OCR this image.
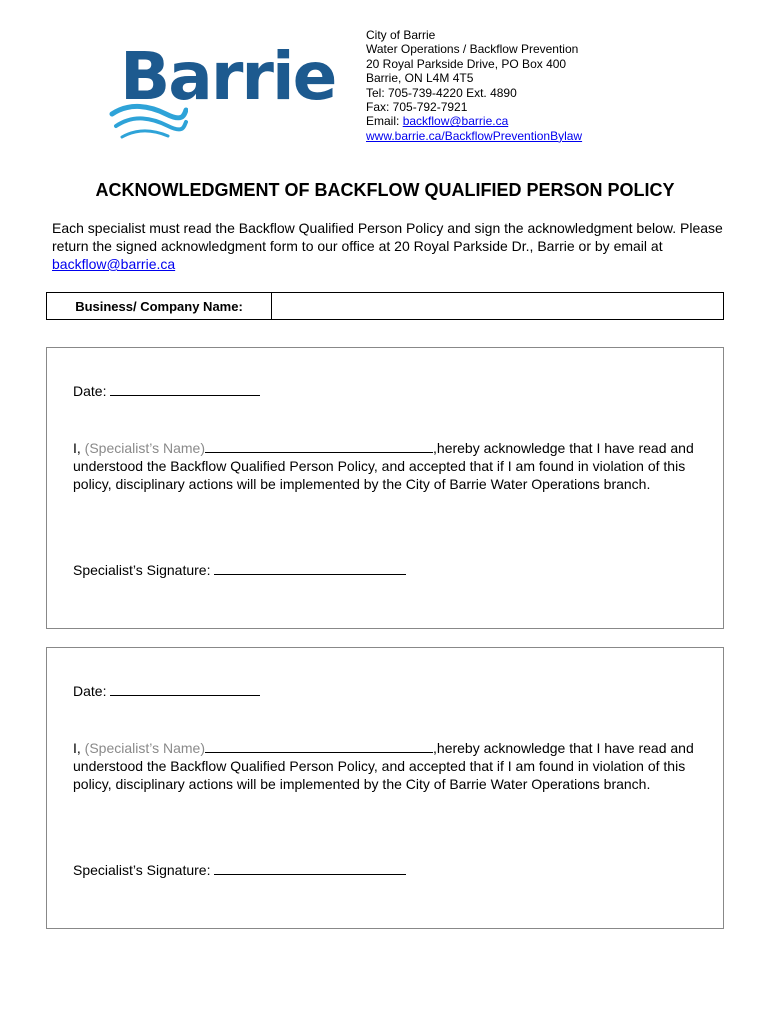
Barrie
City of Barrie
Water Operations / Backflow Prevention
20 Royal Parkside Drive, PO Box 400
Barrie, ON L4M 4T5
Tel: 705-739-4220 Ext. 4890
Fax: 705-792-7921
Email: backflow@barrie.ca
www.barrie.ca/BackflowPreventionBylaw
ACKNOWLEDGMENT OF BACKFLOW QUALIFIED PERSON POLICY
Each specialist must read the Backflow Qualified Person Policy and sign the acknowledgment below. Please return the signed acknowledgment form to our office at 20 Royal Parkside Dr., Barrie or by email at backflow@barrie.ca
Business/ Company Name:
Date:
I, (Specialist’s Name)	,hereby acknowledge that I have read and understood the Backflow Qualified Person Policy, and accepted that if I am found in violation of this policy, disciplinary actions will be implemented by the City of Barrie Water Operations branch.
Specialist’s Signature:
Date:
I, (Specialist’s Name)	,hereby acknowledge that I have read and understood the Backflow Qualified Person Policy, and accepted that if I am found in violation of this policy, disciplinary actions will be implemented by the City of Barrie Water Operations branch.
Specialist’s Signature:
